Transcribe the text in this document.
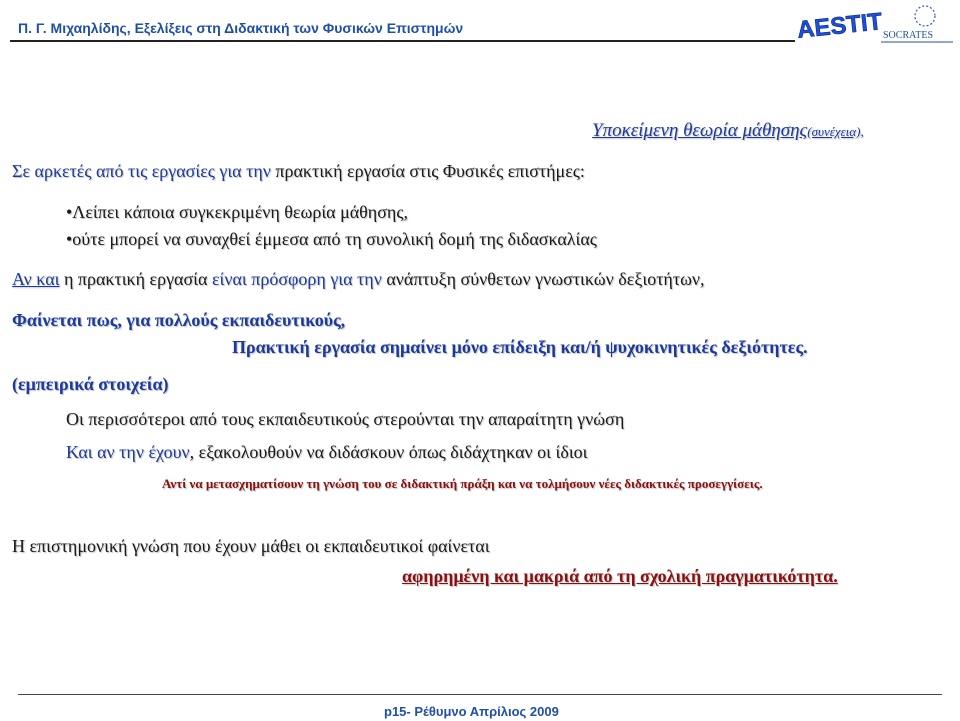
Π. Γ. Μιχαηλίδης, Εξελίξεις στη Διδακτική των Φυσικών Επιστημών	AESTIT SOCRATES
Υποκείμενη θεωρία μάθησης(συνέχεια),
Σε αρκετές από τις εργασίες για την πρακτική εργασία στις Φυσικές επιστήμες:
•Λείπει κάποια συγκεκριμένη θεωρία μάθησης,
•ούτε μπορεί να συναχθεί έμμεσα από τη συνολική δομή της διδασκαλίας
Αν και η πρακτική εργασία είναι πρόσφορη για την ανάπτυξη σύνθετων γνωστικών δεξιοτήτων,
Φαίνεται πως, για πολλούς εκπαιδευτικούς,
Πρακτική εργασία σημαίνει μόνο επίδειξη και/ή ψυχοκινητικές δεξιότητες.
(εμπειρικά στοιχεία)
Οι περισσότεροι από τους εκπαιδευτικούς στερούνται την απαραίτητη γνώση
Και αν την έχουν, εξακολουθούν να διδάσκουν όπως διδάχτηκαν οι ίδιοι
Αντί να μετασχηματίσουν τη γνώση του σε διδακτική πράξη και να τολμήσουν νέες διδακτικές προσεγγίσεις.
Η επιστημονική γνώση που έχουν μάθει οι εκπαιδευτικοί φαίνεται
αφηρημένη και μακριά από τη σχολική πραγματικότητα.
p15- Ρέθυμνο Απρίλιος 2009
